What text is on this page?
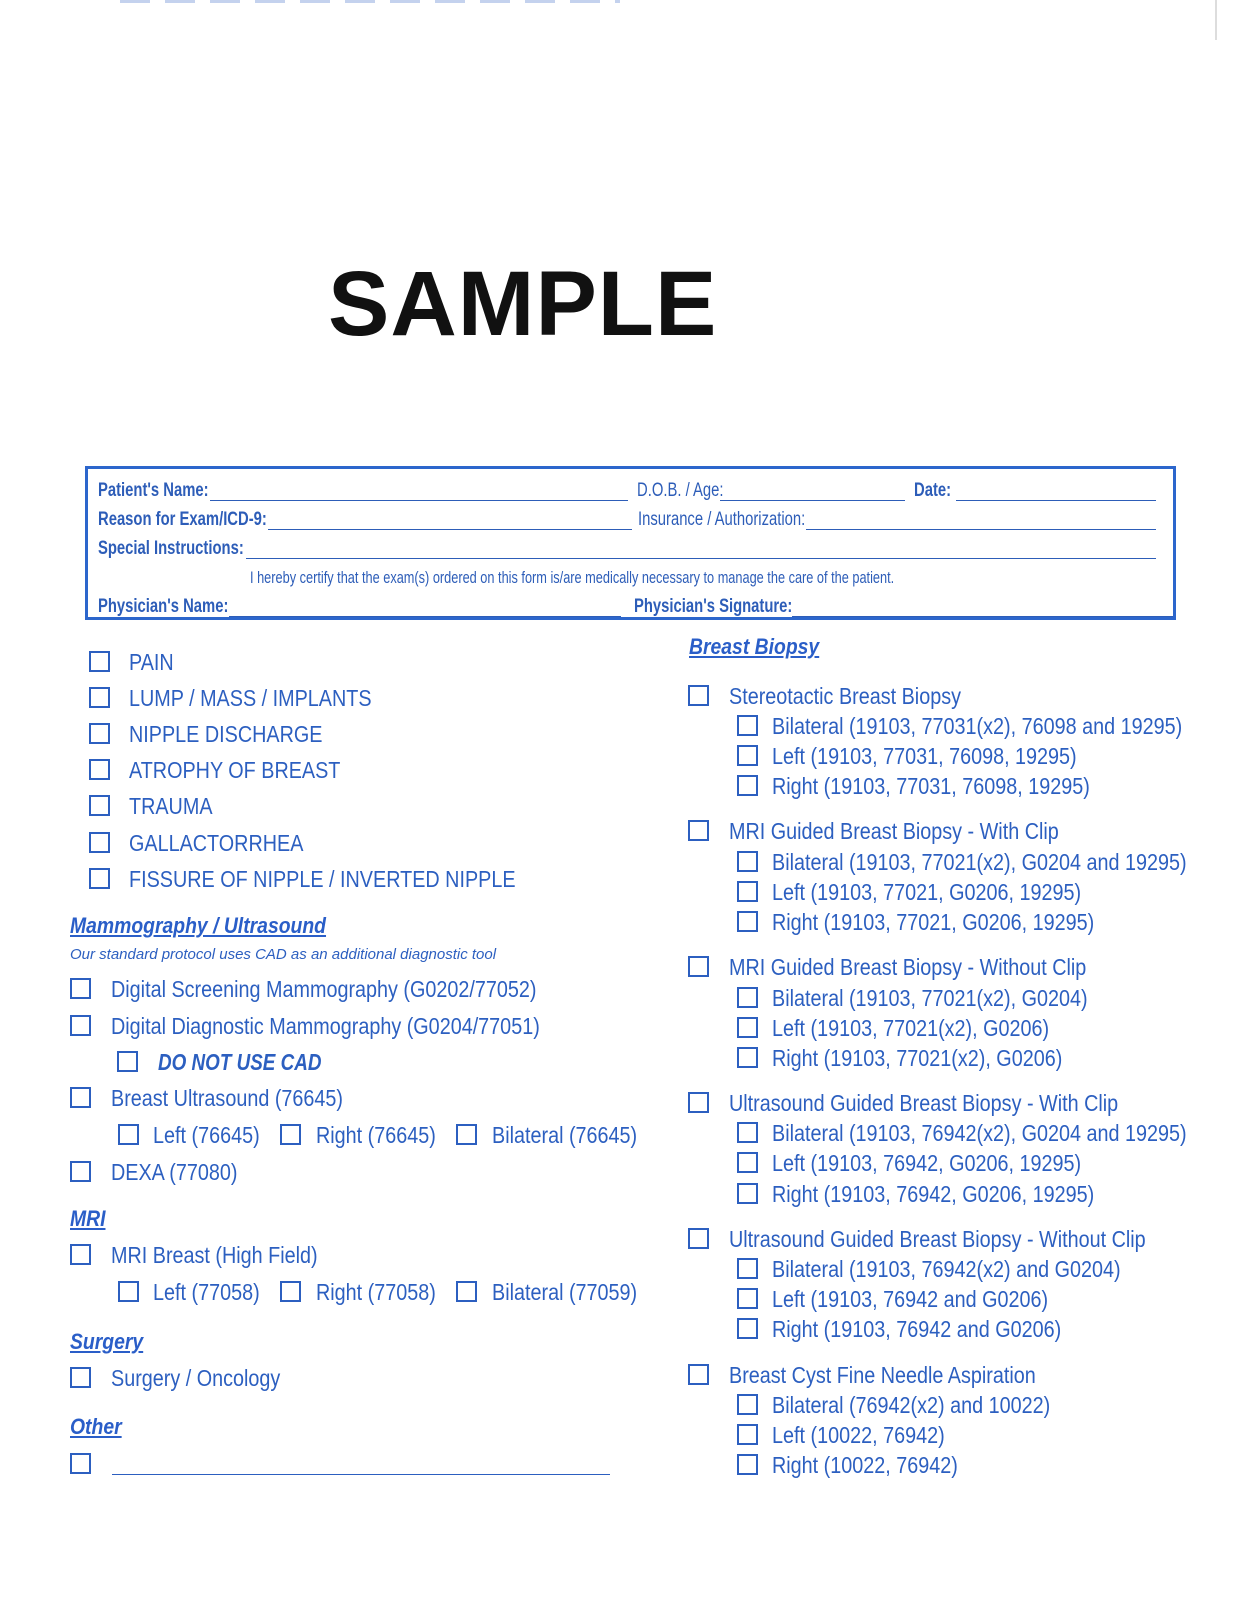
SAMPLE
Patient's Name:	D.O.B. / Age:	Date:
Reason for Exam/ICD-9:	Insurance / Authorization:
Special Instructions:
I hereby certify that the exam(s) ordered on this form is/are medically necessary to manage the care of the patient.
Physician's Name:	Physician's Signature:
PAIN
LUMP / MASS / IMPLANTS
NIPPLE DISCHARGE
ATROPHY OF BREAST
TRAUMA
GALLACTORRHEA
FISSURE OF NIPPLE / INVERTED NIPPLE
Mammography / Ultrasound
Our standard protocol uses CAD as an additional diagnostic tool
Digital Screening Mammography (G0202/77052)
Digital Diagnostic Mammography (G0204/77051)
DO NOT USE CAD
Breast Ultrasound (76645)
Left (76645) Right (76645) Bilateral (76645)
DEXA (77080)
MRI
MRI Breast (High Field)
Left (77058) Right (77058) Bilateral (77059)
Surgery
Surgery / Oncology
Other
Breast Biopsy
Stereotactic Breast Biopsy
Bilateral (19103, 77031(x2), 76098 and 19295)
Left (19103, 77031, 76098, 19295)
Right (19103, 77031, 76098, 19295)
MRI Guided Breast Biopsy - With Clip
Bilateral (19103, 77021(x2), G0204 and 19295)
Left (19103, 77021, G0206, 19295)
Right (19103, 77021, G0206, 19295)
MRI Guided Breast Biopsy - Without Clip
Bilateral (19103, 77021(x2), G0204)
Left (19103, 77021(x2), G0206)
Right (19103, 77021(x2), G0206)
Ultrasound Guided Breast Biopsy - With Clip
Bilateral (19103, 76942(x2), G0204 and 19295)
Left (19103, 76942, G0206, 19295)
Right (19103, 76942, G0206, 19295)
Ultrasound Guided Breast Biopsy - Without Clip
Bilateral (19103, 76942(x2) and G0204)
Left (19103, 76942 and G0206)
Right (19103, 76942 and G0206)
Breast Cyst Fine Needle Aspiration
Bilateral (76942(x2) and 10022)
Left (10022, 76942)
Right (10022, 76942)
